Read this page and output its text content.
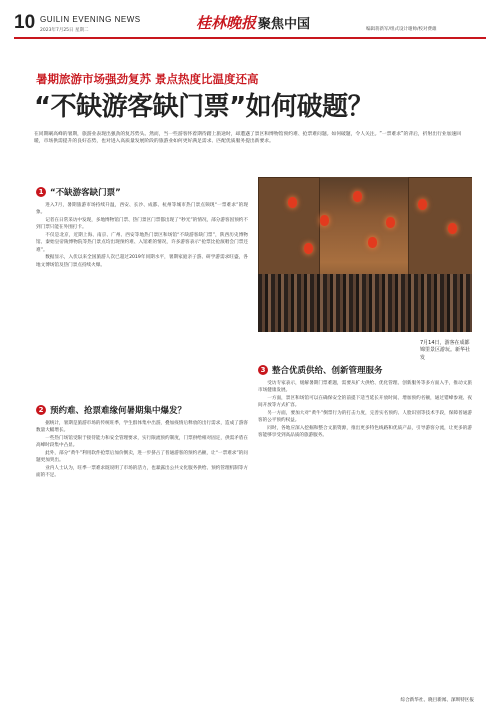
10 GUILIN EVENING NEWS
2023年7月25日 星期二	桂林晚报 聚焦中国	编辑蒋新军/组式设计谢帅/校对费雄
暑期旅游市场强劲复苏 景点热度比温度还高
“不缺游客缺门票”如何破题？
在同期刷高峰的暑期，旅游业表现出强劲的复苏势头。然而，当一些游客怀着期待踏上旅途时，却遭遇了景区和博物馆预约难、抢票难问题。如何破题，令人关注。“一票难求”的背后，折射出行业加速回暖，市场供需提升的良好态势，也对进入高质量发展阶段的旅游业如何更好满足需求、匹配优质服务提出新要求。
1 “不缺游客缺门票”

进入7月，暑期旅游市场持续升温，西安、长沙、成都、杭州等城市热门景点频现“一票难求”的现象。

记者在日常采访中发现，多地博物馆门票、热门景区门票都出现了“秒光”的情况，部分游客因预约不到门票只能在外围打卡。

不仅是北京，近期上海、南京、广州、西安等地热门景区和场馆“不缺游客缺门票”，陕西历史博物馆、秦始皇帝陵博物院等热门景点均出现预约难、入馆难的情况，许多游客表示“抢票比抢演唱会门票还难”。

数据显示，入伏以来全国旅游人次已超过2019年同期水平，暑期家庭亲子游、研学游需求旺盛，各地文博场馆及热门景点持续火爆。

2 预约难、抢票难缘何暑期集中爆发？

据统计，暑期是旅游市场的传统旺季，学生群体集中出游，叠加疫情后释放的出行需求，造成了游客数量大幅增长。

一些热门场馆受限于接待能力和安全管理要求，实行限流预约制度，门票供给相对固定，供需矛盾在高峰时段集中凸显。

此外，部分“黄牛”利用软件抢票后加价倒卖，进一步挤占了普通游客的预约名额，让“一票难求”的问题更加突出。

业内人士认为，旺季一票难求既说明了市场的活力，也暴露出公共文化服务供给、预约管理机制等方面的不足。

7月14日，游客在成都锦里景区游玩。新华社发
3 整合优质供给、创新管理服务

受访专家表示，缓解暑期门票难题，需要从扩大供给、优化管理、创新服务等多方面入手，推动文旅市场健康发展。

一方面，景区和场馆可以在确保安全的前提下适当延长开放时间、增加预约名额，通过错峰参观、夜间开放等方式扩容。

另一方面，要加大对“黄牛”倒票行为的打击力度，完善实名预约、人脸识别等技术手段，保障普通游客的公平预约权益。

同时，各地应深入挖掘和整合文旅资源，推出更多特色线路和优质产品，引导游客分流，让更多的游客能够享受到高品质的旅游服务。

综合新华社、晓目新闻、深圳特区报
